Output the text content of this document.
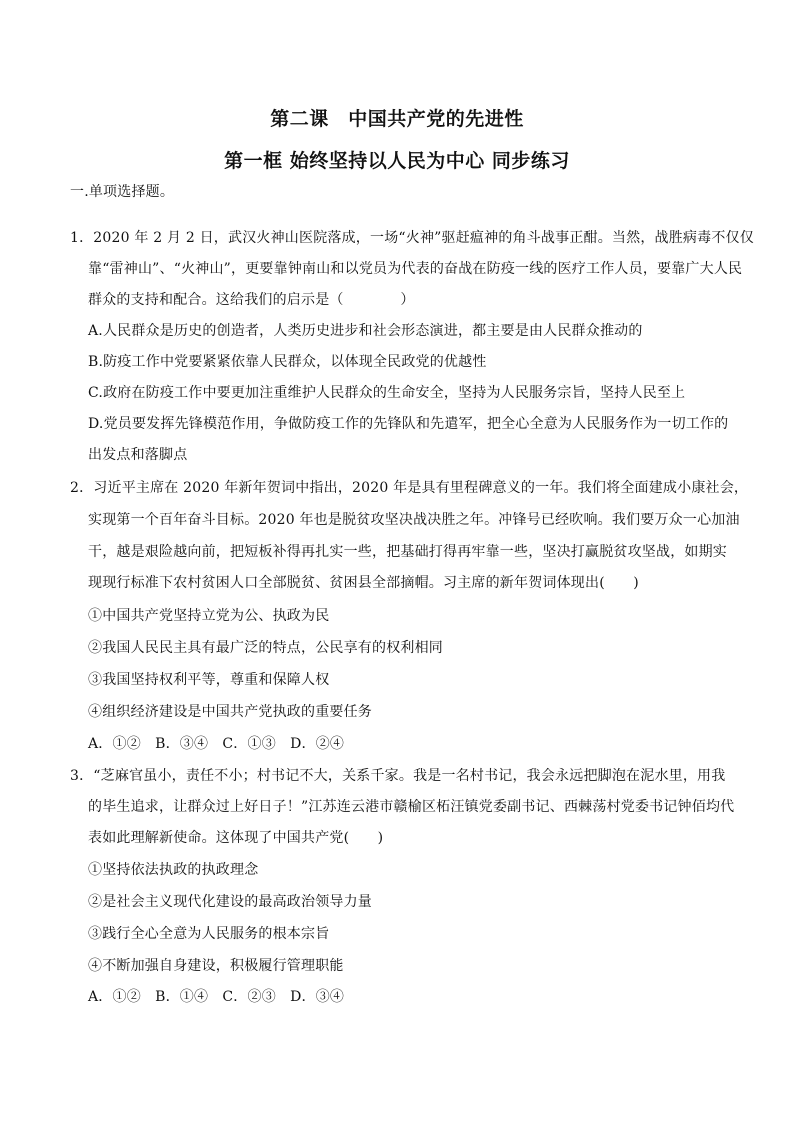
第二课　中国共产党的先进性
第一框 始终坚持以人民为中心 同步练习
一.单项选择题。
1．2020 年 2 月 2 日，武汉火神山医院落成，一场“火神”驱赶瘟神的角斗战事正酣。当然，战胜病毒不仅仅
靠“雷神山”、“火神山”，更要靠钟南山和以党员为代表的奋战在防疫一线的医疗工作人员，要靠广大人民
群众的支持和配合。这给我们的启示是（　　　　）
A.人民群众是历史的创造者，人类历史进步和社会形态演进，都主要是由人民群众推动的
B.防疫工作中党要紧紧依靠人民群众，以体现全民政党的优越性
C.政府在防疫工作中要更加注重维护人民群众的生命安全，坚持为人民服务宗旨，坚持人民至上
D.党员要发挥先锋模范作用，争做防疫工作的先锋队和先遣军，把全心全意为人民服务作为一切工作的
出发点和落脚点
2．习近平主席在 2020 年新年贺词中指出，2020 年是具有里程碑意义的一年。我们将全面建成小康社会，
实现第一个百年奋斗目标。2020 年也是脱贫攻坚决战决胜之年。冲锋号已经吹响。我们要万众一心加油
干，越是艰险越向前，把短板补得再扎实一些，把基础打得再牢靠一些，坚决打赢脱贫攻坚战，如期实
现现行标准下农村贫困人口全部脱贫、贫困县全部摘帽。习主席的新年贺词体现出(　　)
①中国共产党坚持立党为公、执政为民
②我国人民民主具有最广泛的特点，公民享有的权利相同
③我国坚持权利平等，尊重和保障人权
④组织经济建设是中国共产党执政的重要任务
A．①②　B．③④　C．①③　D．②④
3．“芝麻官虽小，责任不小；村书记不大，关系千家。我是一名村书记，我会永远把脚泡在泥水里，用我
的毕生追求，让群众过上好日子！”江苏连云港市赣榆区柘汪镇党委副书记、西棘荡村党委书记钟佰均代
表如此理解新使命。这体现了中国共产党(　　)
①坚持依法执政的执政理念
②是社会主义现代化建设的最高政治领导力量
③践行全心全意为人民服务的根本宗旨
④不断加强自身建设，积极履行管理职能
A．①②　B．①④　C．②③　D．③④
